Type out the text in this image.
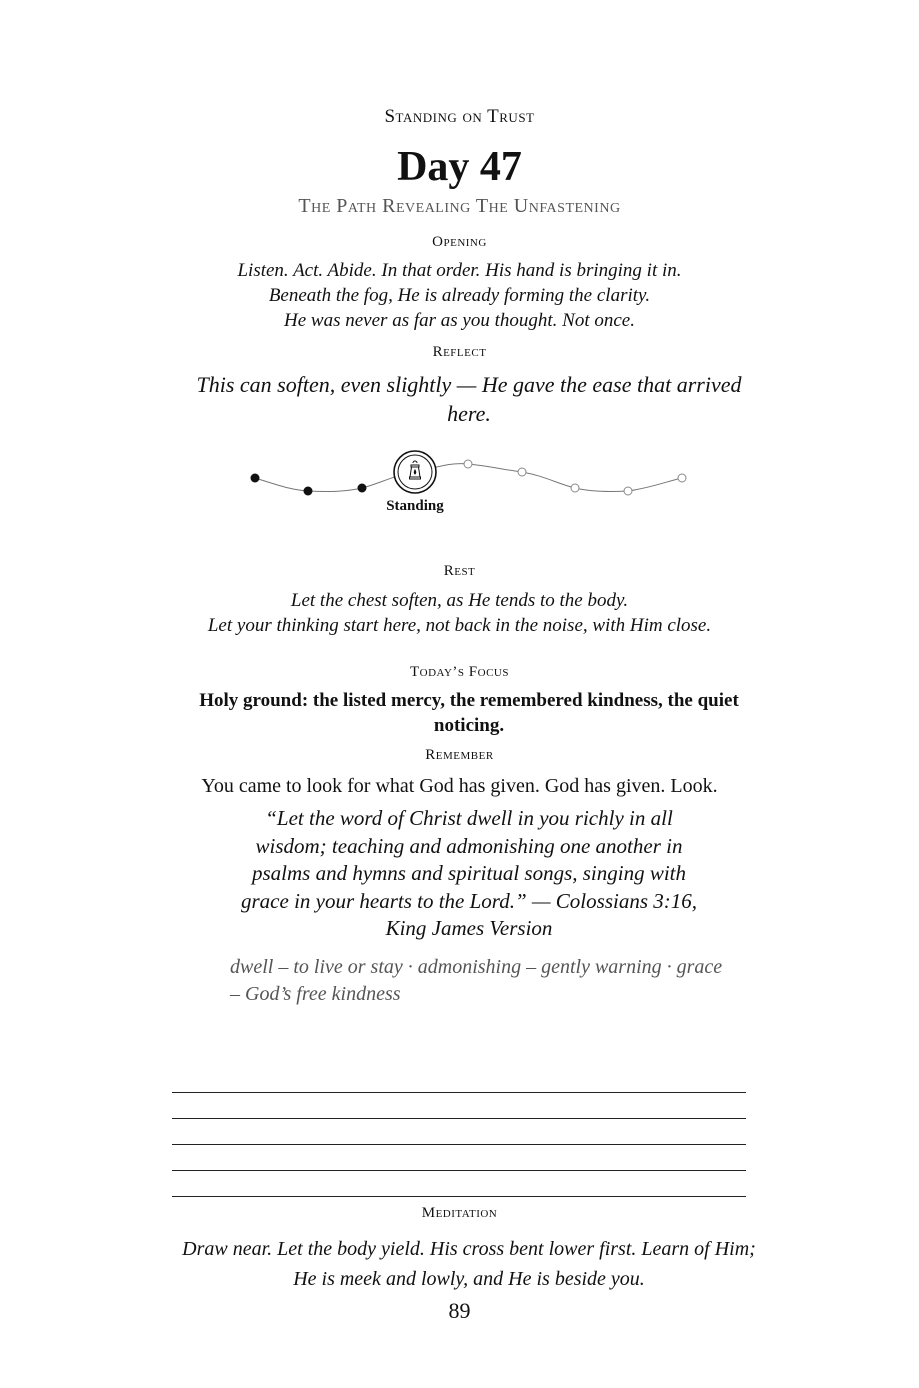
Standing on Trust
Day 47
The Path Revealing The Unfastening
Opening
Listen. Act. Abide. In that order. His hand is bringing it in.
Beneath the fog, He is already forming the clarity.
He was never as far as you thought. Not once.
Reflect
This can soften, even slightly — He gave the ease that arrived here.
Standing
Rest
Let the chest soften, as He tends to the body.
Let your thinking start here, not back in the noise, with Him close.
Today’s Focus
Holy ground: the listed mercy, the remembered kindness, the quiet noticing.
Remember
You came to look for what God has given. God has given. Look.
“Let the word of Christ dwell in you richly in all wisdom; teaching and admonishing one another in psalms and hymns and spiritual songs, singing with grace in your hearts to the Lord.” — Colossians 3:16, King James Version
dwell – to live or stay · admonishing – gently warning · grace – God’s free kindness
Meditation
Draw near. Let the body yield. His cross bent lower first. Learn of Him; He is meek and lowly, and He is beside you.
89
